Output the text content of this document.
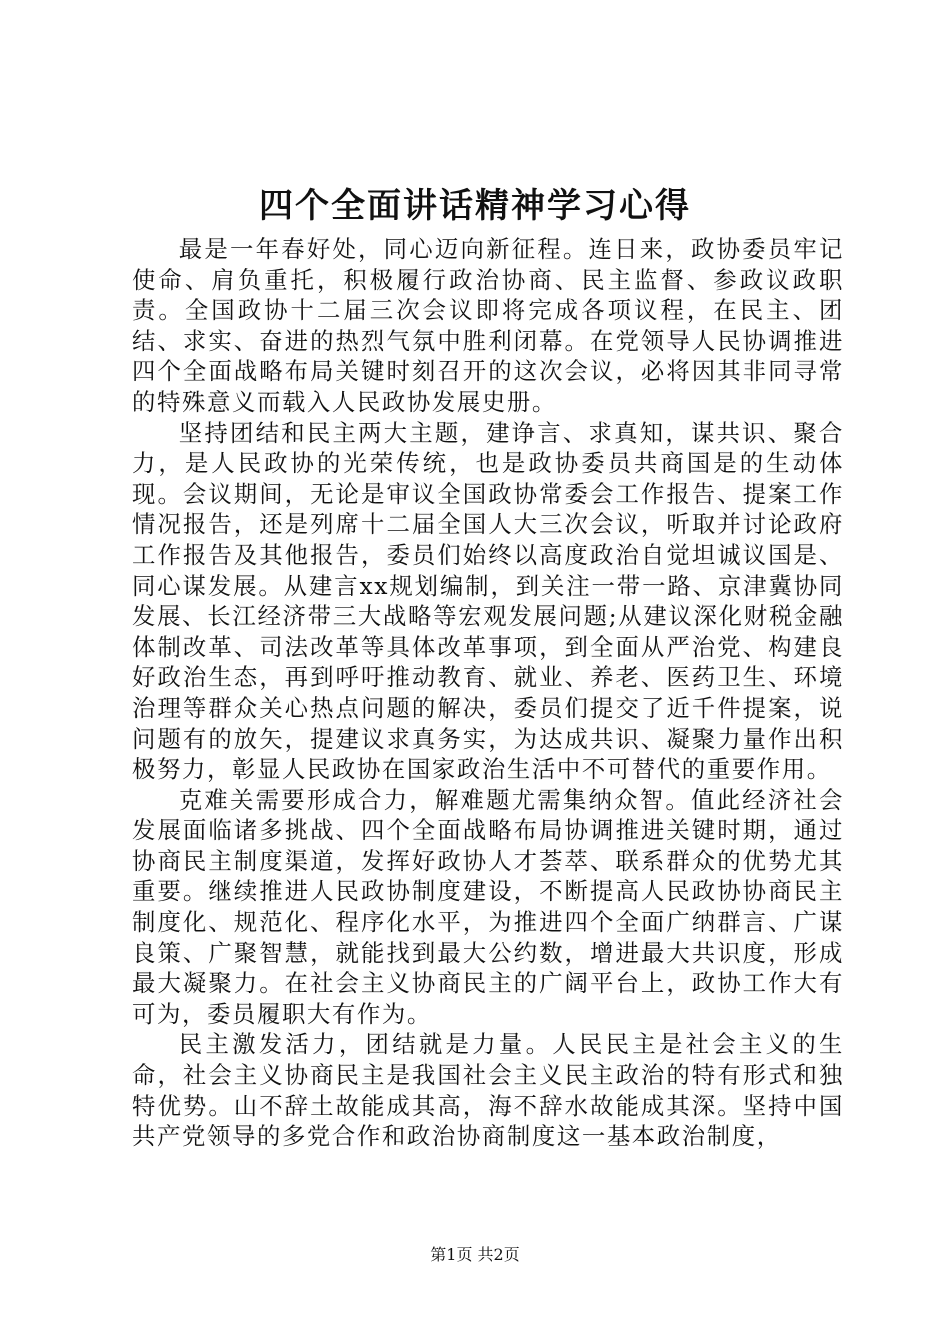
四个全面讲话精神学习心得

最是一年春好处，同心迈向新征程。连日来，政协委员牢记使命、肩负重托，积极履行政治协商、民主监督、参政议政职责。全国政协十二届三次会议即将完成各项议程，在民主、团结、求实、奋进的热烈气氛中胜利闭幕。在党领导人民协调推进四个全面战略布局关键时刻召开的这次会议，必将因其非同寻常的特殊意义而载入人民政协发展史册。

坚持团结和民主两大主题，建诤言、求真知，谋共识、聚合力，是人民政协的光荣传统，也是政协委员共商国是的生动体现。会议期间，无论是审议全国政协常委会工作报告、提案工作情况报告，还是列席十二届全国人大三次会议，听取并讨论政府工作报告及其他报告，委员们始终以高度政治自觉坦诚议国是、同心谋发展。从建言xx规划编制，到关注一带一路、京津冀协同发展、长江经济带三大战略等宏观发展问题;从建议深化财税金融体制改革、司法改革等具体改革事项，到全面从严治党、构建良好政治生态，再到呼吁推动教育、就业、养老、医药卫生、环境治理等群众关心热点问题的解决，委员们提交了近千件提案，说问题有的放矢，提建议求真务实，为达成共识、凝聚力量作出积极努力，彰显人民政协在国家政治生活中不可替代的重要作用。

克难关需要形成合力，解难题尤需集纳众智。值此经济社会发展面临诸多挑战、四个全面战略布局协调推进关键时期，通过协商民主制度渠道，发挥好政协人才荟萃、联系群众的优势尤其重要。继续推进人民政协制度建设，不断提高人民政协协商民主制度化、规范化、程序化水平，为推进四个全面广纳群言、广谋良策、广聚智慧，就能找到最大公约数，增进最大共识度，形成最大凝聚力。在社会主义协商民主的广阔平台上，政协工作大有可为，委员履职大有作为。

民主激发活力，团结就是力量。人民民主是社会主义的生命，社会主义协商民主是我国社会主义民主政治的特有形式和独特优势。山不辞土故能成其高，海不辞水故能成其深。坚持中国共产党领导的多党合作和政治协商制度这一基本政治制度，

第1页 共2页
